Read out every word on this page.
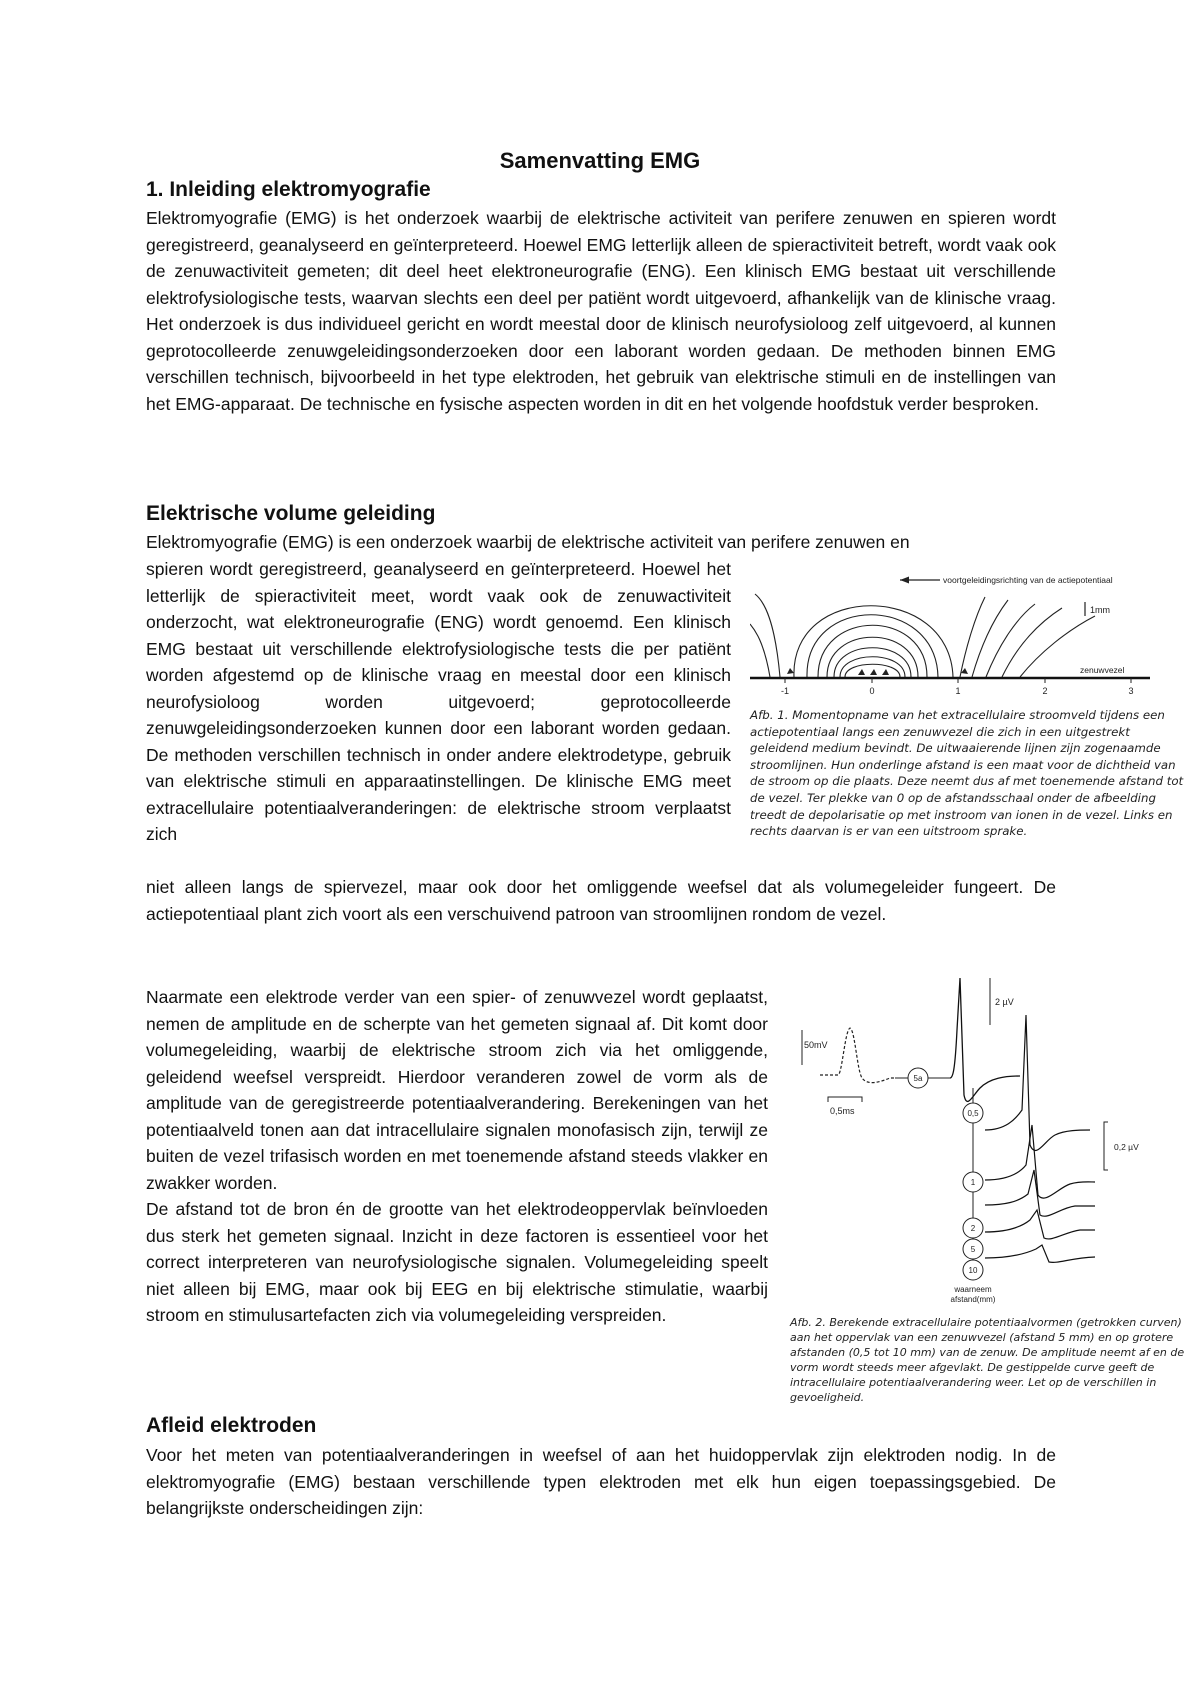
Samenvatting EMG
1. Inleiding elektromyografie

Elektromyografie (EMG) is het onderzoek waarbij de elektrische activiteit van perifere zenuwen en spieren wordt geregistreerd, geanalyseerd en geïnterpreteerd. Hoewel EMG letterlijk alleen de spieractiviteit betreft, wordt vaak ook de zenuwactiviteit gemeten; dit deel heet elektroneurografie (ENG). Een klinisch EMG bestaat uit verschillende elektrofysiologische tests, waarvan slechts een deel per patiënt wordt uitgevoerd, afhankelijk van de klinische vraag. Het onderzoek is dus individueel gericht en wordt meestal door de klinisch neurofysioloog zelf uitgevoerd, al kunnen geprotocolleerde zenuwgeleidingsonderzoeken door een laborant worden gedaan. De methoden binnen EMG verschillen technisch, bijvoorbeeld in het type elektroden, het gebruik van elektrische stimuli en de instellingen van het EMG-apparaat. De technische en fysische aspecten worden in dit en het volgende hoofdstuk verder besproken.

Elektrische volume geleiding

Elektromyografie (EMG) is een onderzoek waarbij de elektrische activiteit van perifere zenuwen en

spieren wordt geregistreerd, geanalyseerd en geïnterpreteerd. Hoewel het letterlijk de spieractiviteit meet, wordt vaak ook de zenuwactiviteit onderzocht, wat elektroneurografie (ENG) wordt genoemd. Een klinisch EMG bestaat uit verschillende elektrofysiologische tests die per patiënt worden afgestemd op de klinische vraag en meestal door een klinisch neurofysioloog worden uitgevoerd; geprotocolleerde zenuwgeleidingsonderzoeken kunnen door een laborant worden gedaan. De methoden verschillen technisch in onder andere elektrodetype, gebruik van elektrische stimuli en apparaatinstellingen. De klinische EMG meet extracellulaire potentiaalveranderingen: de elektrische stroom verplaatst zich

niet alleen langs de spiervezel, maar ook door het omliggende weefsel dat als volumegeleider fungeert. De actiepotentiaal plant zich voort als een verschuivend patroon van stroomlijnen rondom de vezel.

voortgeleidingsrichting van de actiepotentiaal
1mm
zenuwvezel
-1	0	1	2	3

Afb. 1. Momentopname van het extracellulaire stroomveld tijdens een actiepotentiaal langs een zenuwvezel die zich in een uitgestrekt geleidend medium bevindt. De uitwaaierende lijnen zijn zogenaamde stroomlijnen. Hun onderlinge afstand is een maat voor de dichtheid van de stroom op die plaats. Deze neemt dus af met toenemende afstand tot de vezel. Ter plekke van 0 op de afstandsschaal onder de afbeelding treedt de depolarisatie op met instroom van ionen in de vezel. Links en rechts daarvan is er van een uitstroom sprake.

Naarmate een elektrode verder van een spier- of zenuwvezel wordt geplaatst, nemen de amplitude en de scherpte van het gemeten signaal af. Dit komt door volumegeleiding, waarbij de elektrische stroom zich via het omliggende, geleidend weefsel verspreidt. Hierdoor veranderen zowel de vorm als de amplitude van de geregistreerde potentiaalverandering. Berekeningen van het potentiaalveld tonen aan dat intracellulaire signalen monofasisch zijn, terwijl ze buiten de vezel trifasisch worden en met toenemende afstand steeds vlakker en zwakker worden.

De afstand tot de bron én de grootte van het elektrodeoppervlak beïnvloeden dus sterk het gemeten signaal. Inzicht in deze factoren is essentieel voor het correct interpreteren van neurofysiologische signalen. Volumegeleiding speelt niet alleen bij EMG, maar ook bij EEG en bij elektrische stimulatie, waarbij stroom en stimulusartefacten zich via volumegeleiding verspreiden.

50mV
0,5ms
5a
0,5
1
2
5
10
2 µV
0,2 µV
waarneem
afstand(mm)

Afb. 2. Berekende extracellulaire potentiaalvormen (getrokken curven) aan het oppervlak van een zenuwvezel (afstand 5 mm) en op grotere afstanden (0,5 tot 10 mm) van de zenuw. De amplitude neemt af en de vorm wordt steeds meer afgevlakt. De gestippelde curve geeft de intracellulaire potentiaalverandering weer. Let op de verschillen in gevoeligheid.

Afleid elektroden

Voor het meten van potentiaalveranderingen in weefsel of aan het huidoppervlak zijn elektroden nodig. In de elektromyografie (EMG) bestaan verschillende typen elektroden met elk hun eigen toepassingsgebied. De belangrijkste onderscheidingen zijn:
